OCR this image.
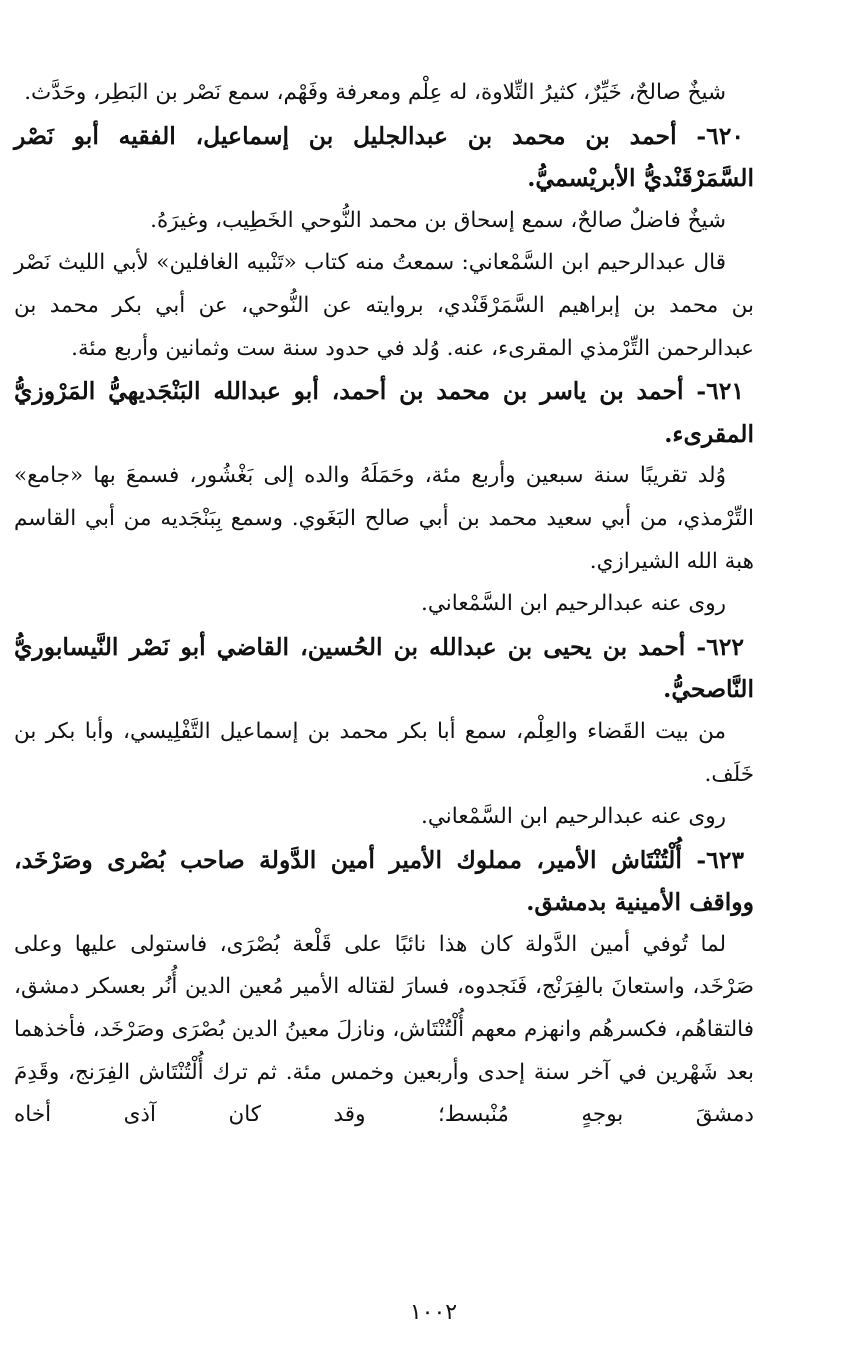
شيخٌ صالحٌ، خَيِّرٌ، كثيرُ التِّلاوة، له عِلْم ومعرفة وفَهْم، سمع نَصْر بن البَطِر، وحَدَّث.

٦٢٠- أحمد بن محمد بن عبدالجليل بن إسماعيل، الفقيه أبو نَصْر السَّمَرْقَنْديُّ الأبريْسميُّ.

شيخٌ فاضلٌ صالحٌ، سمع إسحاق بن محمد النُّوحي الخَطِيب، وغيرَهُ.

قال عبدالرحيم ابن السَّمْعاني: سمعتُ منه كتاب «تَنْبيه الغافلين» لأبي الليث نَصْر بن محمد بن إبراهيم السَّمَرْقَنْدي، بروايته عن النُّوحي، عن أبي بكر محمد بن عبدالرحمن التِّرْمذي المقرىء، عنه. وُلد في حدود سنة ست وثمانين وأربع مئة.

٦٢١- أحمد بن ياسر بن محمد بن أحمد، أبو عبدالله البَنْجَديهيُّ المَرْوزيُّ المقرىء.

وُلد تقريبًا سنة سبعين وأربع مئة، وحَمَلَهُ والده إلى بَغْشُور، فسمعَ بها «جامع» التِّرْمذي، من أبي سعيد محمد بن أبي صالح البَغَوي. وسمع بِبَنْجَديه من أبي القاسم هبة الله الشيرازي.

روى عنه عبدالرحيم ابن السَّمْعاني.

٦٢٢- أحمد بن يحيى بن عبدالله بن الحُسين، القاضي أبو نَصْر النَّيسابوريُّ النَّاصحيُّ.

من بيت القَضاء والعِلْم، سمع أبا بكر محمد بن إسماعيل التَّفْلِيسي، وأبا بكر بن خَلَف.

روى عنه عبدالرحيم ابن السَّمْعاني.

٦٢٣- أُلْتُنْتَاش الأمير، مملوك الأمير أمين الدَّولة صاحب بُصْرى وصَرْخَد، وواقف الأمينية بدمشق.

لما تُوفي أمين الدَّولة كان هذا نائبًا على قَلْعة بُصْرَى، فاستولى عليها وعلى صَرْخَد، واستعانَ بالفِرَنْج، فَنَجدوه، فسارَ لقتاله الأمير مُعين الدين أُنُر بعسكر دمشق، فالتقاهُم، فكسرهُم وانهزم معهم أُلْتُنْتَاش، ونازلَ معينُ الدين بُصْرَى وصَرْخَد، فأخذهما بعد شَهْرين في آخر سنة إحدى وأربعين وخمس مئة. ثم ترك أُلْتُنْتَاش الفِرَنج، وقَدِمَ دمشقَ بوجهٍ مُنْبسط؛ وقد كان آذى أخاه

١٠٠٢
